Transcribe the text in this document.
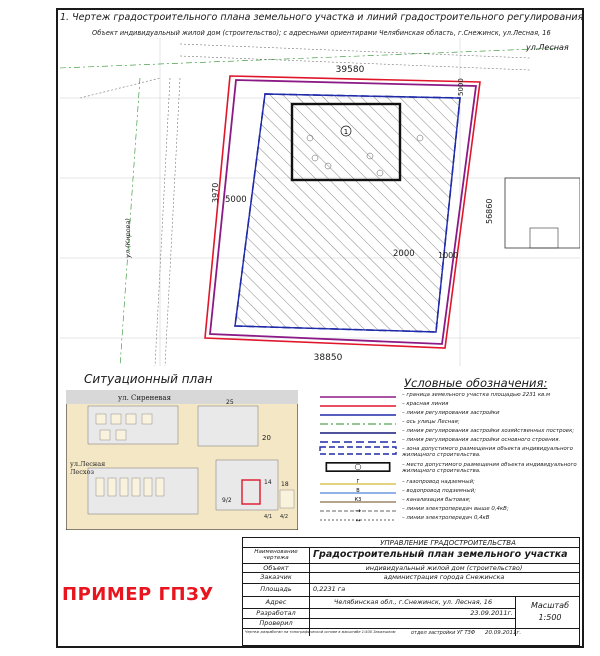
1. Чертеж градостроительного плана земельного участка и линий градостроительного регулирования
Объект индивидуальный жилой дом (строительство); с адресными ориентирами Челябинская область, г.Снежинск, ул.Лесная, 16
1
39580
38850
3970 5000
2000	1000
56860
5000
ул.Лесная
ул.(Кирова)
Ситуационный план
ул. Сиреневая
ул.Лесная
Лесхоз
25
20
9/2
14 18
4/1 4/2
Условные обозначения:
– граница земельного участка площадью 2231 кв.м
– красная линия
– линия регулирования застройки
– ось улицы Лесная;
– линия регулирования застройки хозяйственных построек;
– линия регулирования застройки основного строения.
– зона допустимого размещения объекта индивидуального жилищного строительства.
– место допустимого размещения объекта индивидуального жилищного строительства.
Г	– газопровод надземный;
В	– водопровод подземный;
К3	– канализация бытовая;
→	– линии электропередач выше 0,4кВ;
↔	– линии электропередач 0,4кВ
УПРАВЛЕНИЕ ГРАДОСТРОИТЕЛЬСТВА
Градостроительный план земельного участка
Наименование чертежа
Объект	индивидуальный жилой дом (строительство)
Заказчик	администрация города Снежинска
Площадь	0,2231 га
Адрес	Челябинская обл., г.Снежинск, ул. Лесная, 16
Разработал	23.09.2011г.
Проверил
Масштаб
1:500
Чертеж разработан на топографической основе в масштабе 1:500 Заказчиком	отдел застройки УГ ТЗФ	20.09.2011г.
ПРИМЕР ГПЗУ
